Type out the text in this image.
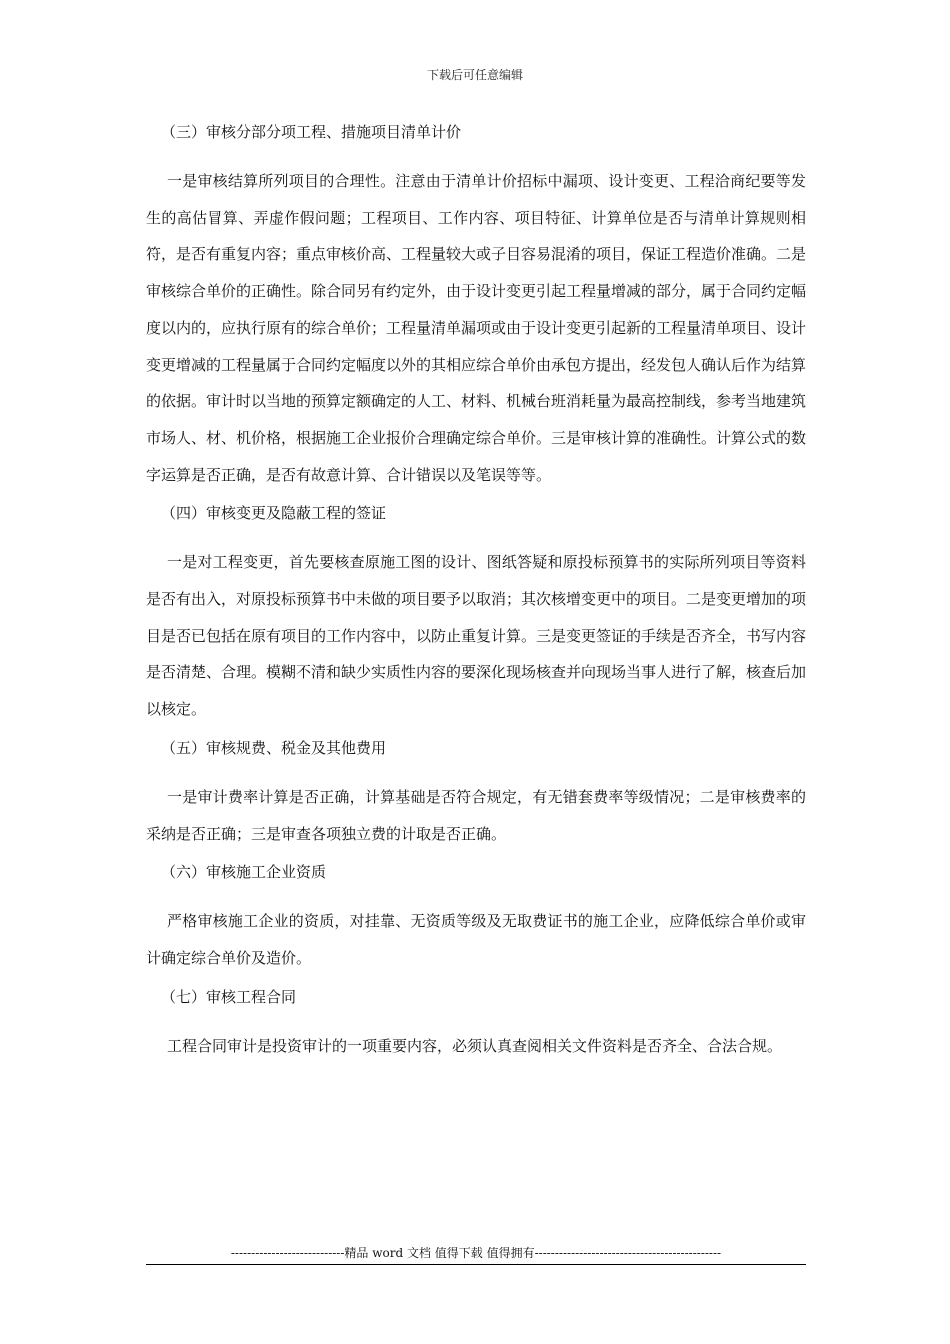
下载后可任意编辑

（三）审核分部分项工程、措施项目清单计价

一是审核结算所列项目的合理性。注意由于清单计价招标中漏项、设计变更、工程洽商纪要等发生的高估冒算、弄虚作假问题；工程项目、工作内容、项目特征、计算单位是否与清单计算规则相符，是否有重复内容；重点审核价高、工程量较大或子目容易混淆的项目，保证工程造价准确。二是审核综合单价的正确性。除合同另有约定外，由于设计变更引起工程量增减的部分，属于合同约定幅度以内的，应执行原有的综合单价；工程量清单漏项或由于设计变更引起新的工程量清单项目、设计变更增减的工程量属于合同约定幅度以外的其相应综合单价由承包方提出，经发包人确认后作为结算的依据。审计时以当地的预算定额确定的人工、材料、机械台班消耗量为最高控制线，参考当地建筑市场人、材、机价格，根据施工企业报价合理确定综合单价。三是审核计算的准确性。计算公式的数字运算是否正确，是否有故意计算、合计错误以及笔误等等。

（四）审核变更及隐蔽工程的签证

一是对工程变更，首先要核查原施工图的设计、图纸答疑和原投标预算书的实际所列项目等资料是否有出入，对原投标预算书中未做的项目要予以取消；其次核增变更中的项目。二是变更增加的项目是否已包括在原有项目的工作内容中，以防止重复计算。三是变更签证的手续是否齐全，书写内容是否清楚、合理。模糊不清和缺少实质性内容的要深化现场核查并向现场当事人进行了解，核查后加以核定。

（五）审核规费、税金及其他费用

一是审计费率计算是否正确，计算基础是否符合规定，有无错套费率等级情况；二是审核费率的采纳是否正确；三是审查各项独立费的计取是否正确。

（六）审核施工企业资质

严格审核施工企业的资质，对挂靠、无资质等级及无取费证书的施工企业，应降低综合单价或审计确定综合单价及造价。

（七）审核工程合同

工程合同审计是投资审计的一项重要内容，必须认真查阅相关文件资料是否齐全、合法合规。

----------------------------精品 word 文档 值得下载 值得拥有----------------------------------------------
